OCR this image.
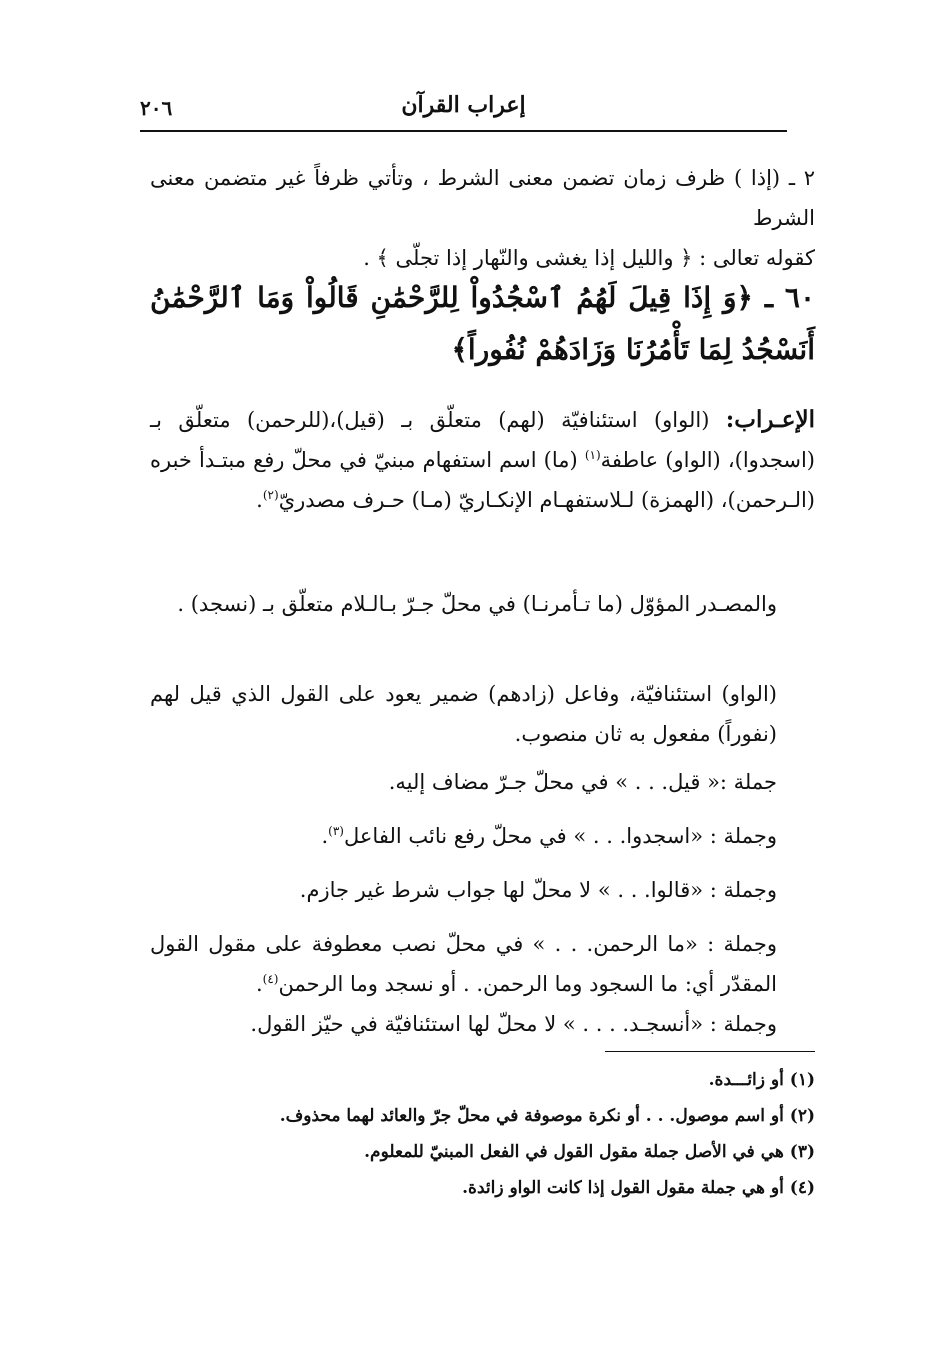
إعراب القرآن
٢٠٦

٢ ـ (إذا ) ظرف زمان تضمن معنى الشرط ، وتأتي ظرفاً غير متضمن معنى الشرط

كقوله تعالى : ﴿ والليل إذا يغشى والنّهار إذا تجلّى ﴾ .

٦٠ ـ ﴿وَ إِذَا قِيلَ لَهُمُ ٱسْجُدُواْ لِلرَّحْمَٰنِ قَالُواْ وَمَا ٱلرَّحْمَٰنُ أَنَسْجُدُ لِمَا تَأْمُرُنَا وَزَادَهُمْ نُفُوراً﴾

الإعـراب: (الواو) استئنافيّة (لهم) متعلّق بـ (قيل)،(للرحمن) متعلّق بـ (اسجدوا)، (الواو) عاطفة$^{(١)}$ (ما) اسم استفهام مبنيّ في محلّ رفع مبتـدأ خبره (الـرحمن)، (الهمزة) لـلاستفهـام الإنكـاريّ (مـا) حـرف مصدريّ$^{(٢)}$.

والمصـدر المؤوّل (ما تـأمرنـا) في محلّ جـرّ بـالـلام متعلّق بـ (نسجد) .

(الواو) استئنافيّة، وفاعل (زادهم) ضمير يعود على القول الذي قيل لهم (نفوراً) مفعول به ثان منصوب.

جملة :« قيل. . . » في محلّ جـرّ مضاف إليه.

وجملة : «اسجدوا. . . » في محلّ رفع نائب الفاعل$^{(٣)}$.

وجملة : «قالوا. . . » لا محلّ لها جواب شرط غير جازم.

وجملة : «ما الرحمن. . . » في محلّ نصب معطوفة على مقول القول المقدّر أي: ما السجود وما الرحمن. . أو نسجد وما الرحمن$^{(٤)}$.

وجملة : «أنسجـد. . . . » لا محلّ لها استئنافيّة في حيّز القول.

(١) أو زائـــدة.

(٢) أو اسم موصول. . . أو نكرة موصوفة في محلّ جرّ والعائد لهما محذوف.

(٣) هي في الأصل جملة مقول القول في الفعل المبنيّ للمعلوم.

(٤) أو هي جملة مقول القول إذا كانت الواو زائدة.
